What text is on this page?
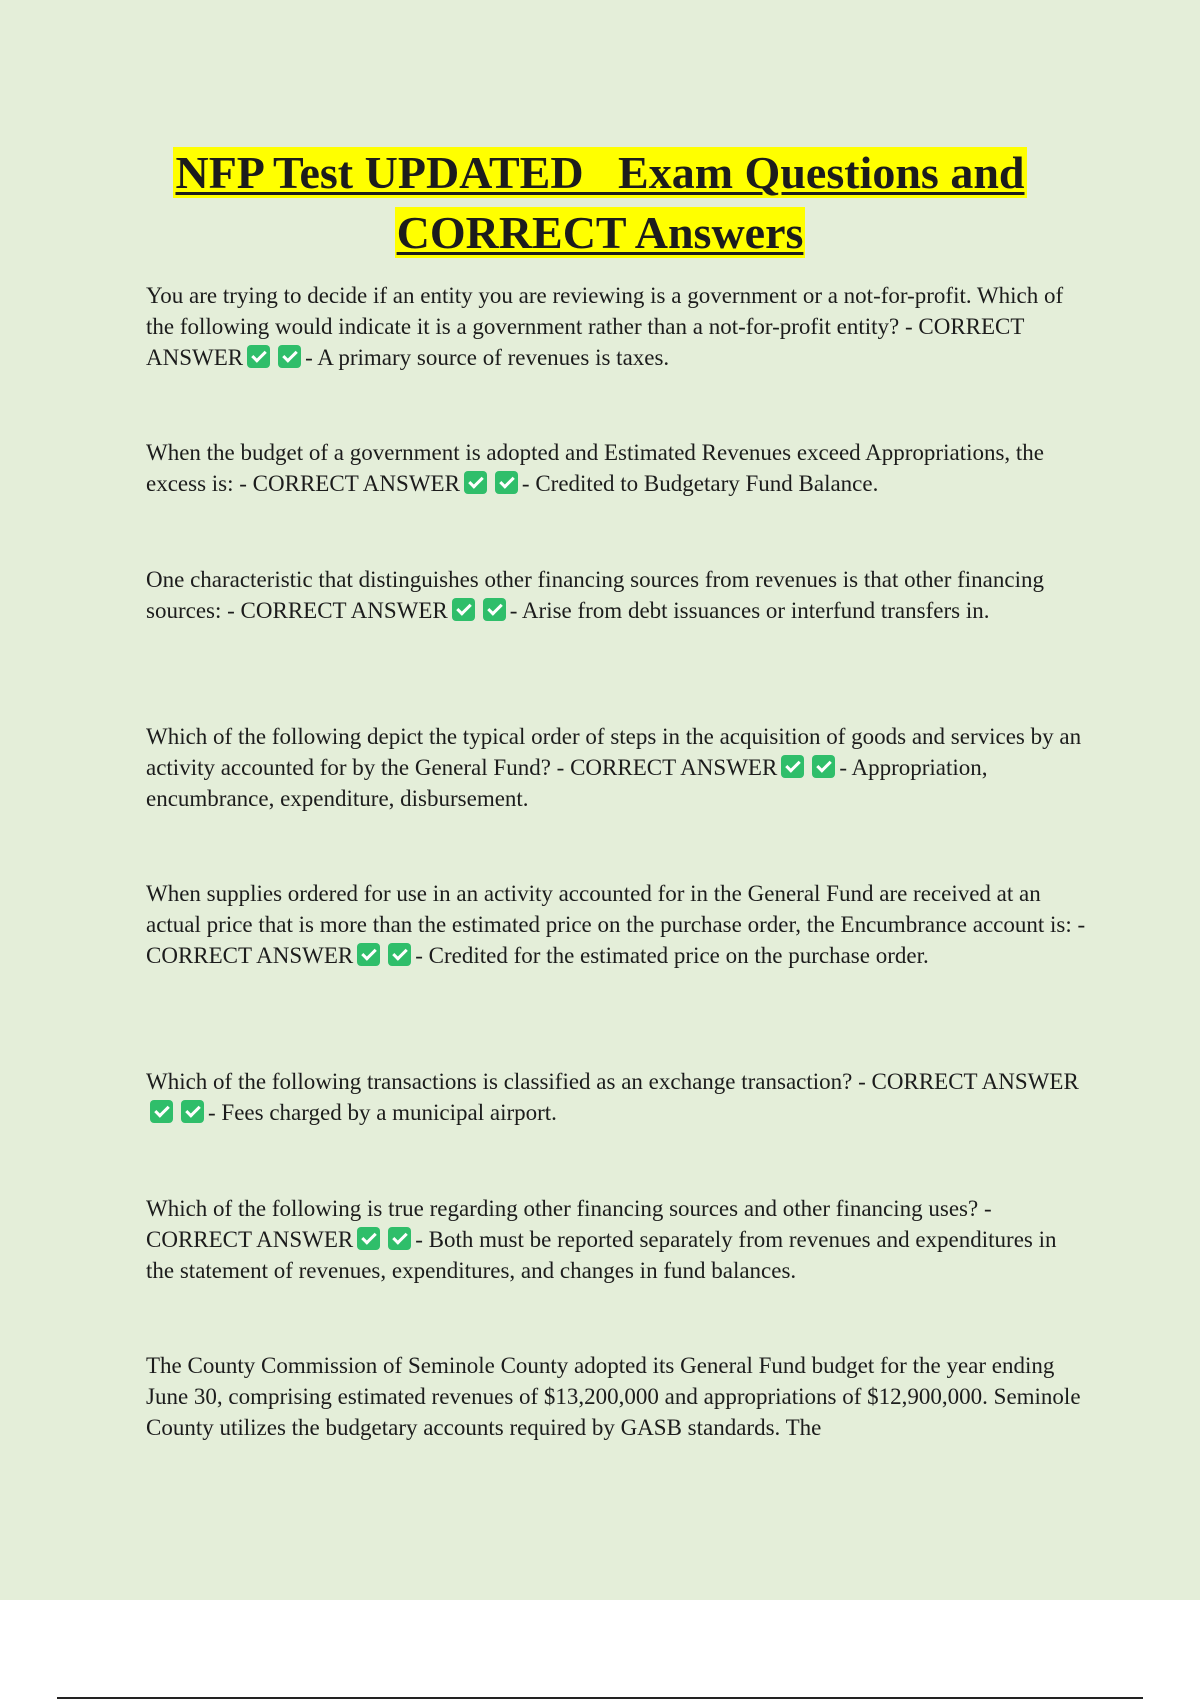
NFP Test UPDATED   Exam Questions and
CORRECT Answers

You are trying to decide if an entity you are reviewing is a government or a not-for-profit. Which of the following would indicate it is a government rather than a not-for-profit entity? - CORRECT ANSWER	- A primary source of revenues is taxes.

When the budget of a government is adopted and Estimated Revenues exceed Appropriations, the excess is: - CORRECT ANSWER	- Credited to Budgetary Fund Balance.

One characteristic that distinguishes other financing sources from revenues is that other financing sources: - CORRECT ANSWER	- Arise from debt issuances or interfund transfers in.

Which of the following depict the typical order of steps in the acquisition of goods and services by an activity accounted for by the General Fund? - CORRECT ANSWER	- Appropriation, encumbrance, expenditure, disbursement.

When supplies ordered for use in an activity accounted for in the General Fund are received at an actual price that is more than the estimated price on the purchase order, the Encumbrance account is: - CORRECT ANSWER	- Credited for the estimated price on the purchase order.

Which of the following transactions is classified as an exchange transaction? - CORRECT ANSWER- Fees charged by a municipal airport.

Which of the following is true regarding other financing sources and other financing uses? - CORRECT ANSWER	- Both must be reported separately from revenues and expenditures in the statement of revenues, expenditures, and changes in fund balances.

The County Commission of Seminole County adopted its General Fund budget for the year ending June 30, comprising estimated revenues of $13,200,000 and appropriations of $12,900,000. Seminole County utilizes the budgetary accounts required by GASB standards. The
